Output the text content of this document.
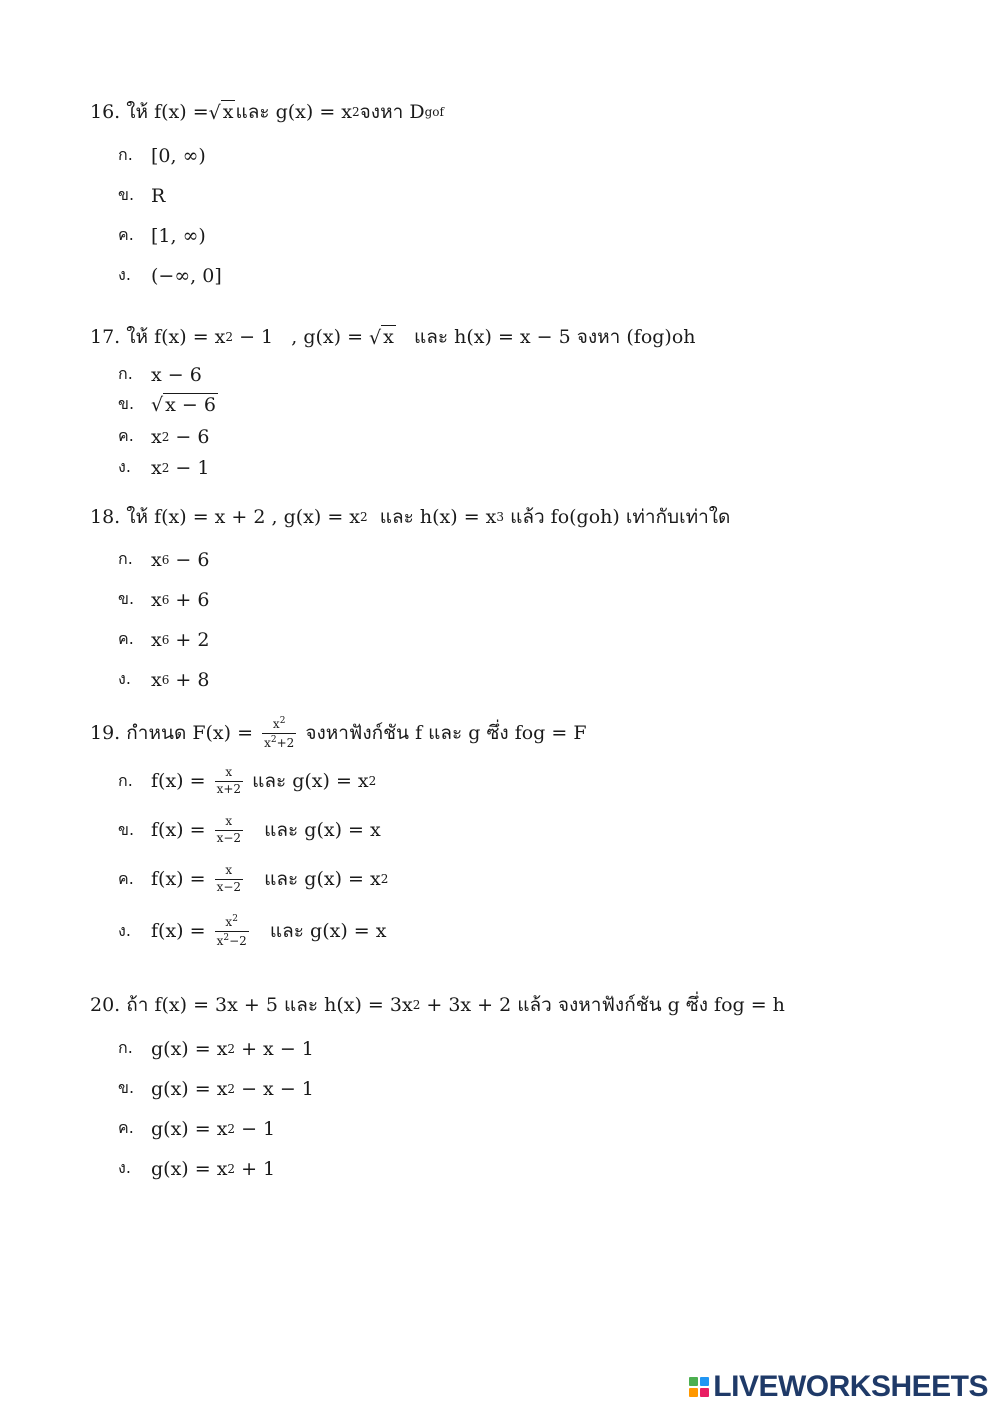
16.
ให้ f(x) = √ x และ g(x) = x 2 จงหา D gof
ก. [0, ∞)
ข. R
ค. [1, ∞)
ง.	(−∞, 0]
17.
ให้ f(x) = x 2 − 1   , g(x) = √ x และ h(x) = x − 5 จงหา (fog)oh
ก. x − 6
ข. √ x − 6
ค. x 2 − 6
ง.	x 2 − 1
18.
ให้ f(x) = x + 2 , g(x) = x 2 และ h(x) = x 3 แล้ว fo(goh) เท่ากับเท่าใด
ก. x 6 − 6
ข. x 6 + 6
ค. x 6 + 2
ง.	x 6 + 8
19.
กำหนด $F(x) = \frac{x^2}{x^2+2}$ จงหาฟังก์ชัน f และ g ซึ่ง fog = F
ก. $f(x) = \frac{x}{x+2}$ และ g(x) = x 2
ข. $f(x) = \frac{x}{x-2}$ และ g(x) = x
ค. $f(x) = \frac{x}{x-2}$ และ g(x) = x 2
ง.	$f(x) = \frac{x^2}{x^2-2}$ และ g(x) = x
20.
ถ้า f(x) = 3x + 5 และ h(x) = 3x 2 + 3x + 2 แล้ว จงหาฟังก์ชัน g ซึ่ง fog = h
ก. g(x) = x 2 + x − 1
ข. g(x) = x 2 − x − 1
ค. g(x) = x 2 − 1
ง.	g(x) = x 2 + 1
LIVEWORKSHEETS
